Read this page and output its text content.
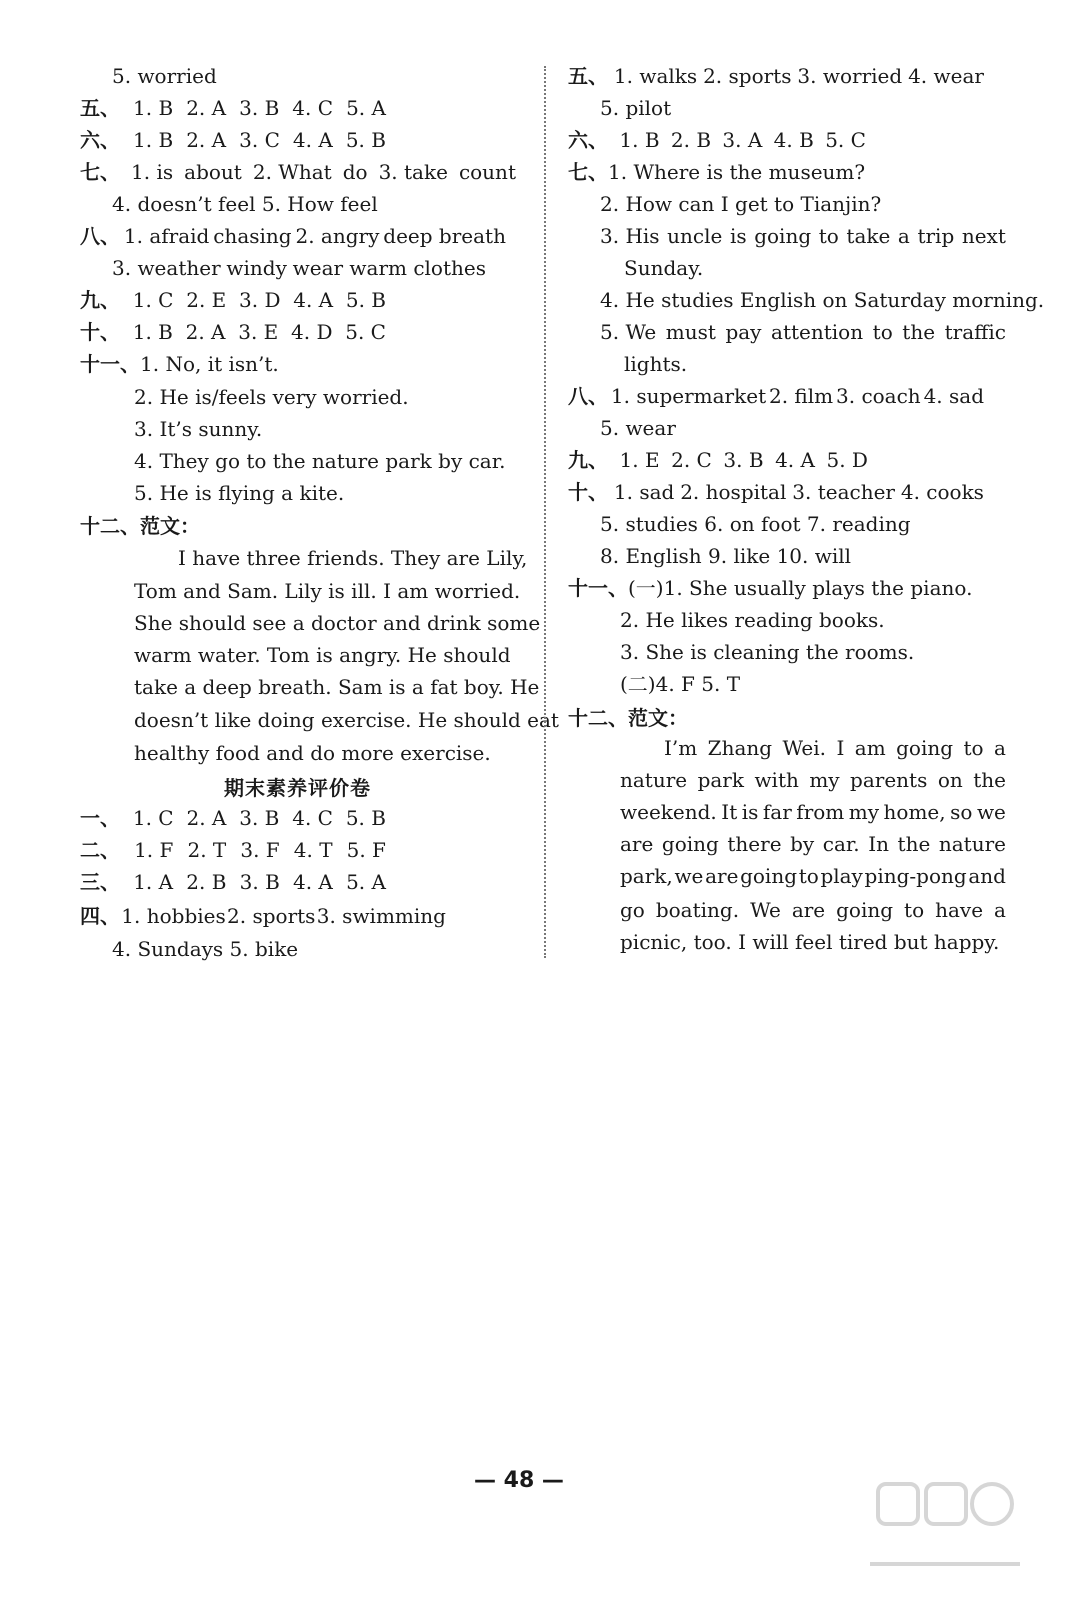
5. worried
五、 1. B 2. A 3. B 4. C 5. A
六、 1. B 2. A 3. C 4. A 5. B
七、 1. is about 2. What do 3. take count
4. doesn’t feel 5. How feel
八、 1. afraid chasing 2. angry deep breath
3. weather windy wear warm clothes
九、 1. C 2. E 3. D 4. A 5. B
十、 1. B 2. A 3. E 4. D 5. C
十一、1. No, it isn’t.
2. He is/feels very worried.
3. It’s sunny.
4. They go to the nature park by car.
5. He is flying a kite.
十二、范文：
I have three friends. They are Lily,
Tom and Sam. Lily is ill. I am worried.
She should see a doctor and drink some
warm water. Tom is angry. He should
take a deep breath. Sam is a fat boy. He
doesn’t like doing exercise. He should eat
healthy food and do more exercise.
期末素养评价卷
一、 1. C 2. A 3. B 4. C 5. B
二、 1. F 2. T 3. F 4. T 5. F
三、 1. A 2. B 3. B 4. A 5. A
四、 1. hobbies 2. sports 3. swimming
4. Sundays 5. bike
五、 1. walks 2. sports 3. worried 4. wear
5. pilot
六、 1. B 2. B 3. A 4. B 5. C
七、1. Where is the museum?
2. How can I get to Tianjin?
3. His uncle is going to take a trip next
Sunday.
4. He studies English on Saturday morning.
5. We must pay attention to the traffic
lights.
八、 1. supermarket 2. film 3. coach 4. sad
5. wear
九、 1. E 2. C 3. B 4. A 5. D
十、 1. sad 2. hospital 3. teacher 4. cooks
5. studies 6. on foot 7. reading
8. English 9. like 10. will
十一、(一)1. She usually plays the piano.
2. He likes reading books.
3. She is cleaning the rooms.
(二)4. F 5. T
十二、范文：
I’m Zhang Wei. I am going to a
nature park with my parents on the
weekend. It is far from my home, so we
are going there by car. In the nature
park, we are going to play ping-pong and
go boating. We are going to have a
picnic, too. I will feel tired but happy.
— 48 —
